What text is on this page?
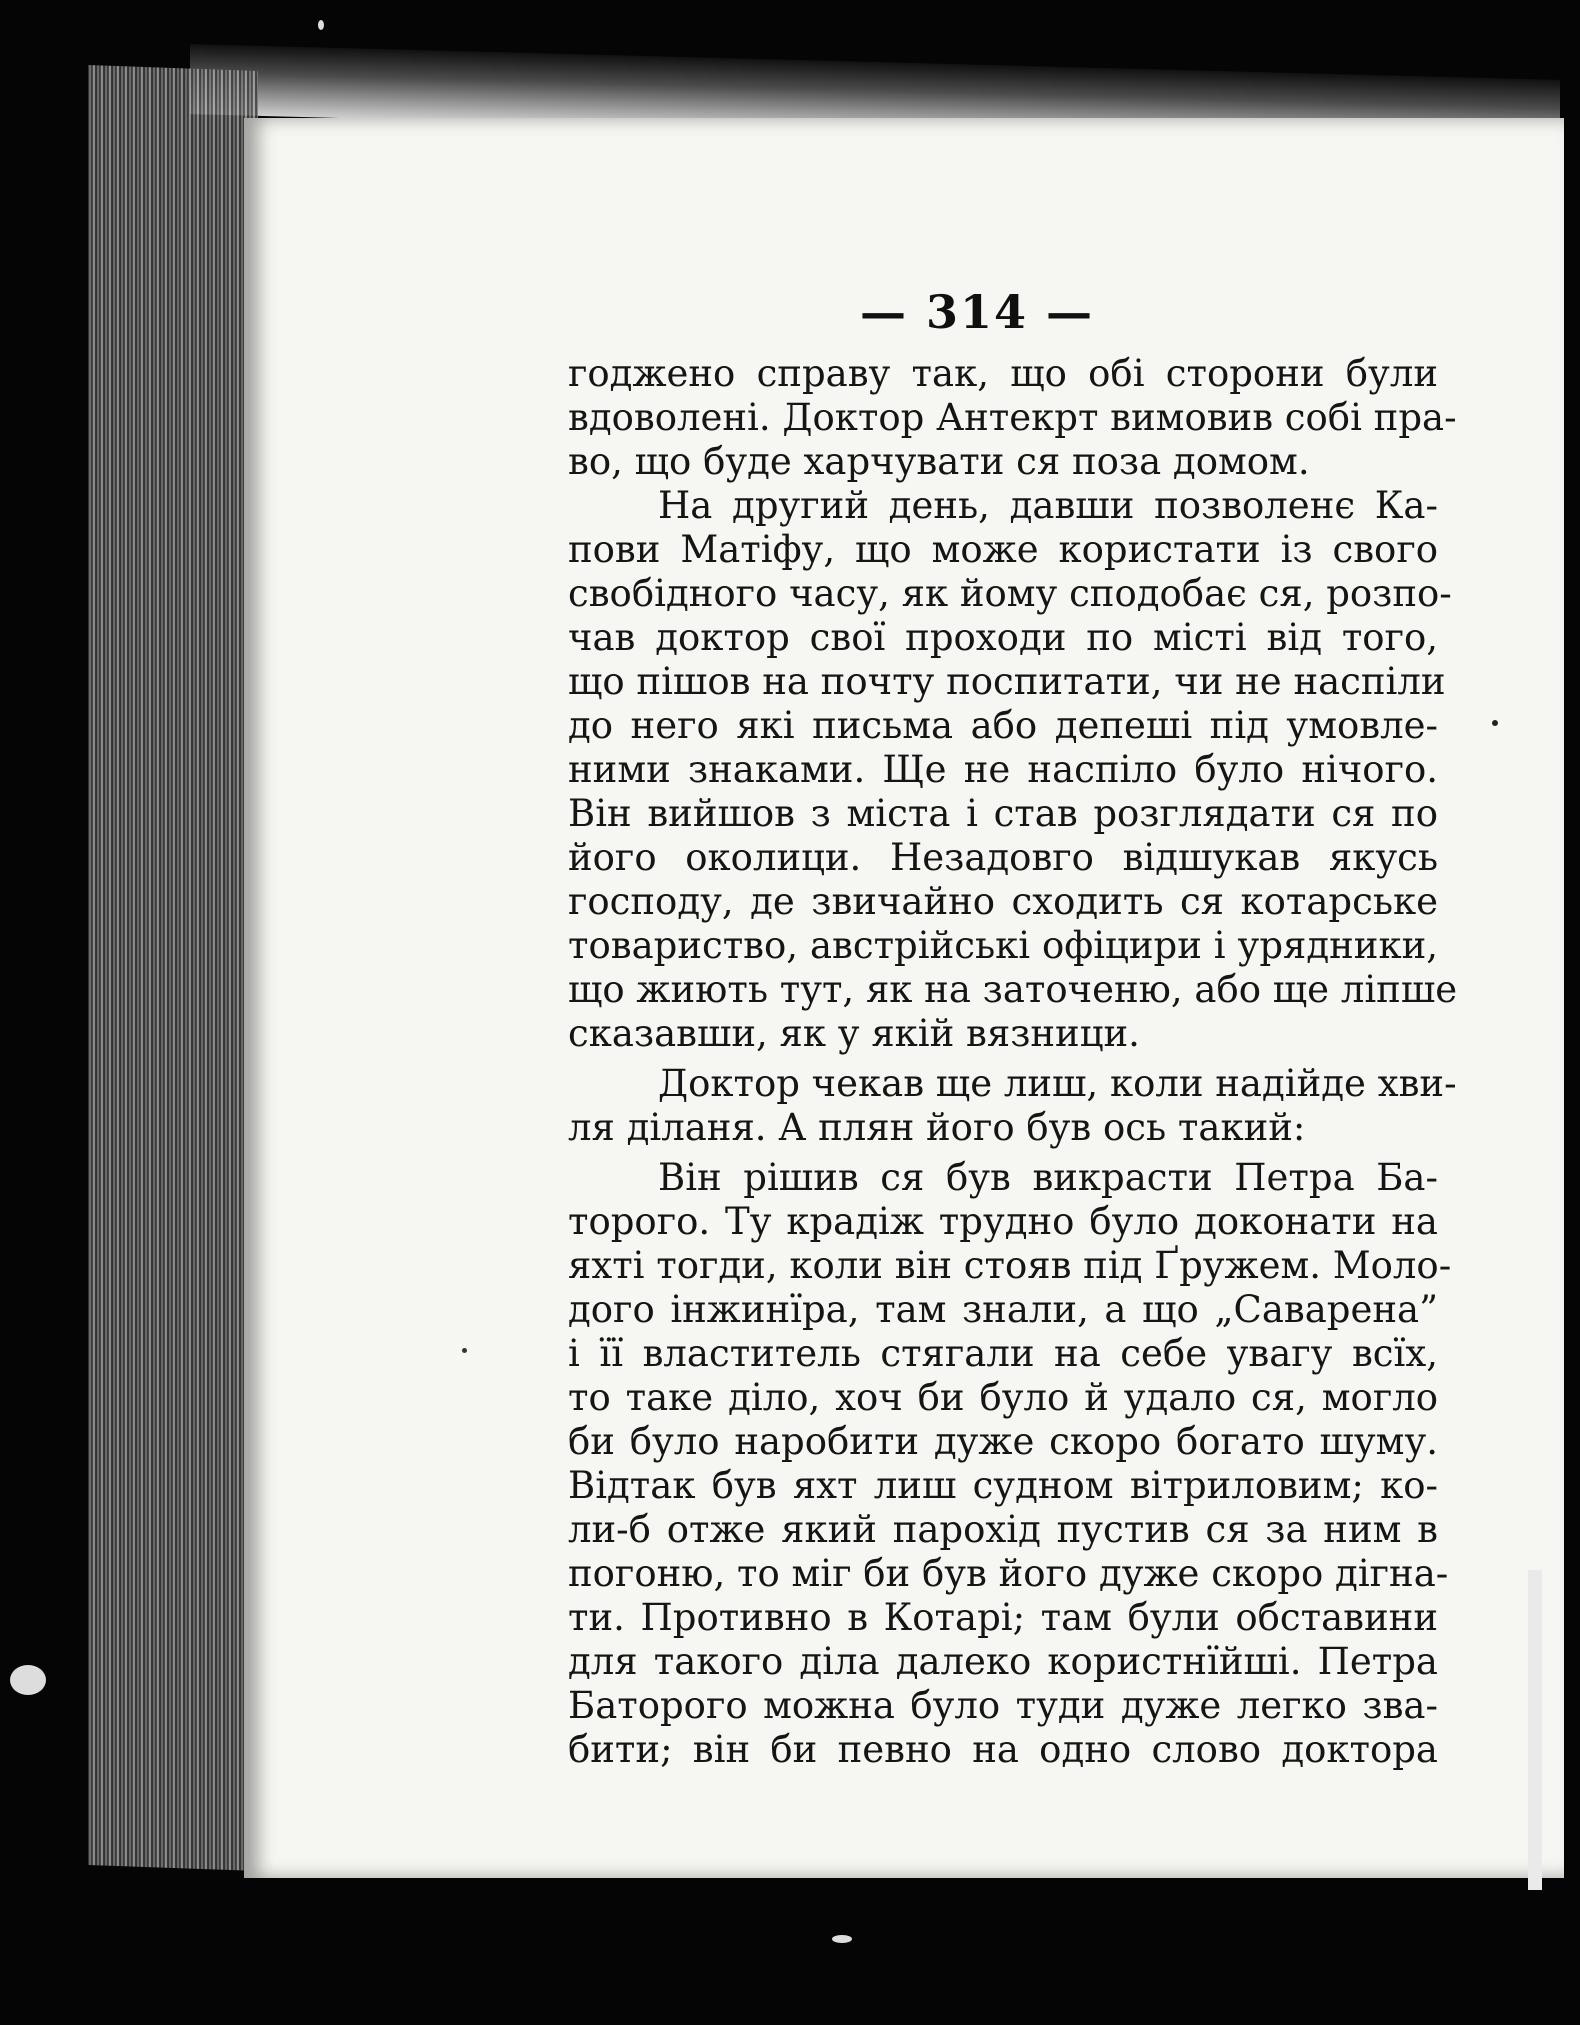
— 314 —
годжено справу так, що обі сторони були
вдоволені. Доктор Антекрт вимовив собі пра-
во, що буде харчувати ся поза домом.
На другий день, давши позволенє Ка-
пови Матіфу, що може користати із свого
свобідного часу, як йому сподобає ся, розпо-
чав доктор свої проходи по місті від того,
що пішов на почту поспитати, чи не наспіли
до него які письма або депеші під умовле-
ними знаками. Ще не наспіло було нічого.
Він вийшов з міста і став розглядати ся по
його околици. Незадовго відшукав якусь
господу, де звичайно сходить ся котарське
товариство, австрійські офіцири і урядники,
що жиють тут, як на заточеню, або ще ліпше
сказавши, як у якій вязници.
Доктор чекав ще лиш, коли надійде хви-
ля діланя. А плян його був ось такий:
Він рішив ся був викрасти Петра Ба-
торого. Ту крадіж трудно було доконати на
яхті тогди, коли він стояв під Ґружем. Моло-
дого інжинїра, там знали, а що „Саварена”
і її властитель стягали на себе увагу всїх,
то таке діло, хоч би було й удало ся, могло
би було наробити дуже скоро богато шуму.
Відтак був яхт лиш судном вітриловим; ко-
ли-б отже який парохід пустив ся за ним в
погоню, то міг би був його дуже скоро дігна-
ти. Противно в Котарі; там були обставини
для такого діла далеко користнїйші. Петра
Баторого можна було туди дуже легко зва-
бити; він би певно на одно слово доктора
